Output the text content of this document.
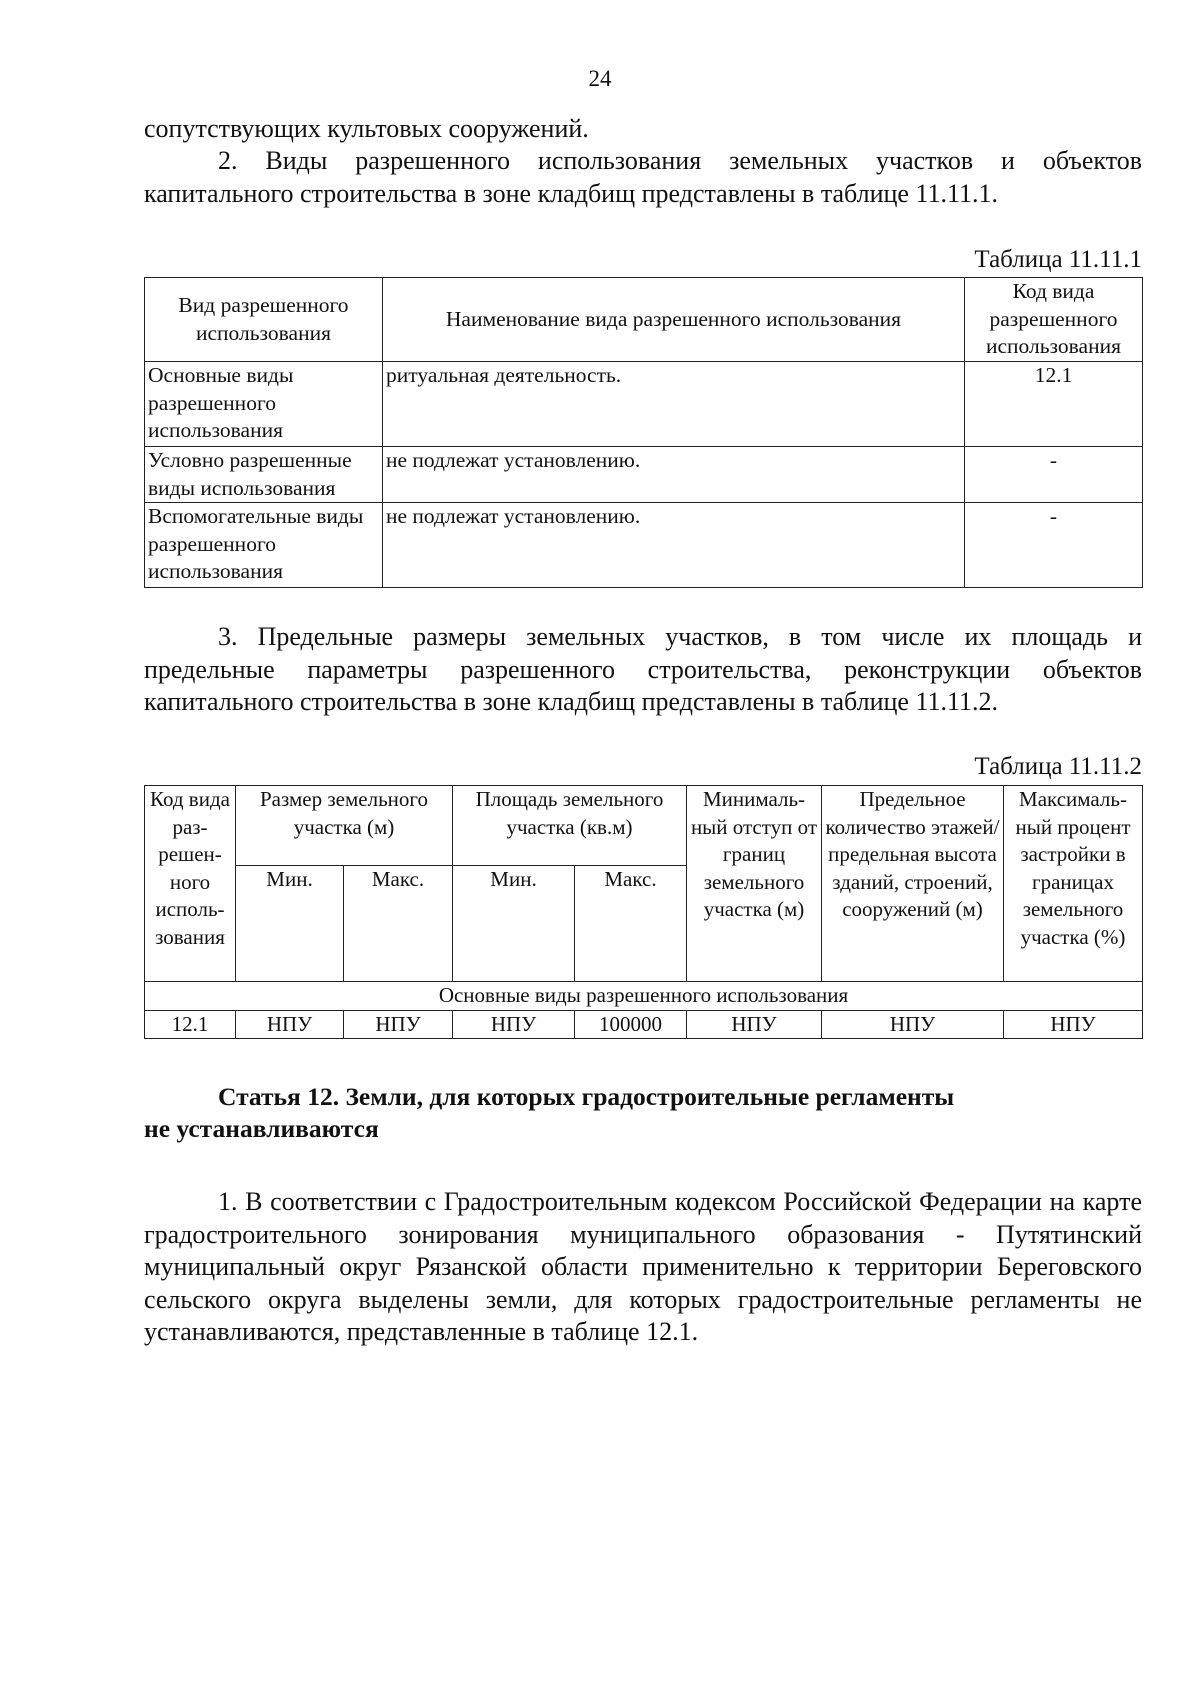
24
сопутствующих культовых сооружений.
2. Виды разрешенного использования земельных участков и объектов капитального строительства в зоне кладбищ представлены в таблице 11.11.1.
Таблица 11.11.1
Вид разрешенного использования	Наименование вида разрешенного использования	Код вида разрешенного использования
Основные виды разрешенного использования	ритуальная деятельность.	12.1
Условно разрешенные виды использования	не подлежат установлению.	-
Вспомогательные виды разрешенного использования	не подлежат установлению.	-
3. Предельные размеры земельных участков, в том числе их площадь и предельные параметры разрешенного строительства, реконструкции объектов капитального строительства в зоне кладбищ представлены в таблице 11.11.2.
Таблица 11.11.2
Код вида раз-решен-ного исполь-зования	Размер земельного участка (м)		Площадь земельного участка (кв.м)		Минималь-ный отступ от границ земельного участка (м)	Предельное количество этажей/ предельная высота зданий, строений, сооружений (м)	Максималь-ный процент застройки в границах земельного участка (%)
	Мин.	Макс.	Мин.	Макс.			
Основные виды разрешенного использования							
12.1	НПУ	НПУ	НПУ	100000	НПУ	НПУ	НПУ
Статья 12. Земли, для которых градостроительные регламенты
не устанавливаются
1. В соответствии с Градостроительным кодексом Российской Федерации на карте градостроительного зонирования муниципального образования - Путятинский муниципальный округ Рязанской области применительно к территории Береговского сельского округа выделены земли, для которых градостроительные регламенты не устанавливаются, представленные в таблице 12.1.
